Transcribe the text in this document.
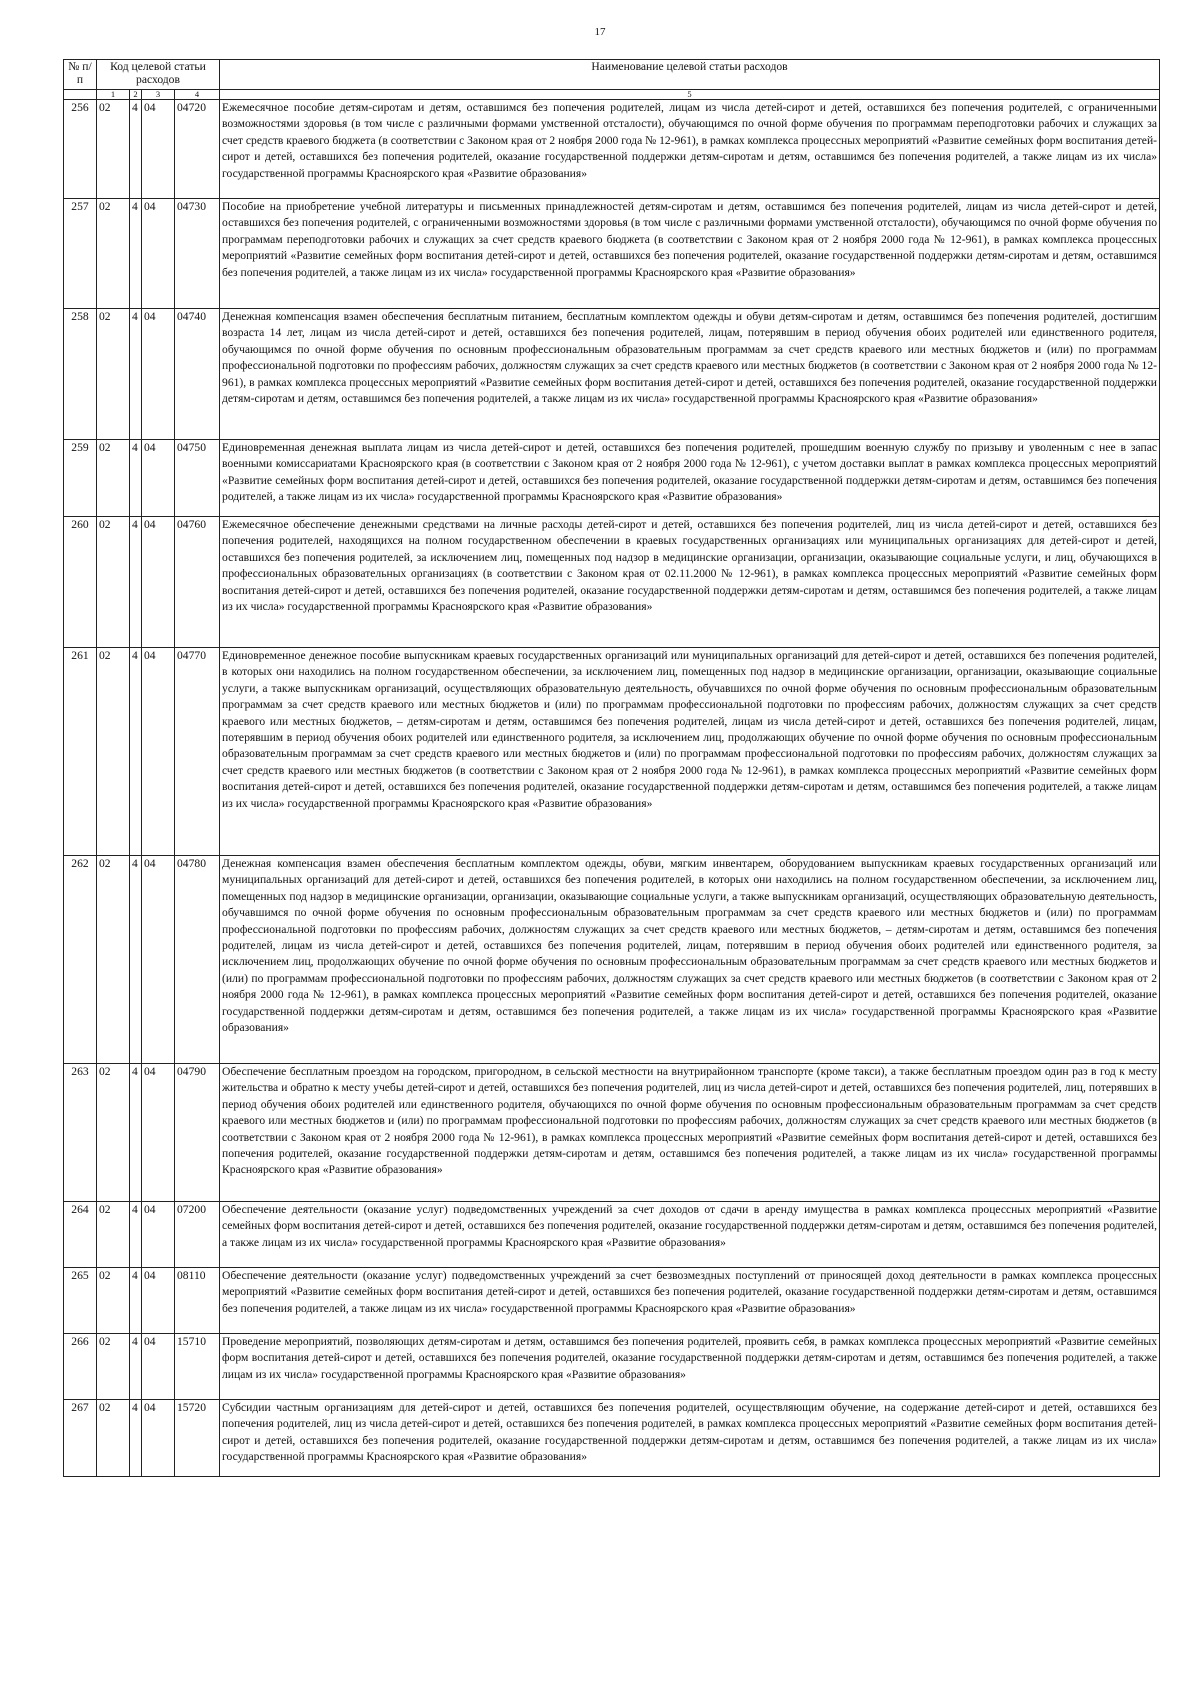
17
№ п/п	Код целевой статьи расходов				Наименование целевой статьи расходов
	1	2	3	4	5
256	02	4	04	04720	Ежемесячное пособие детям-сиротам и детям, оставшимся без попечения родителей, лицам из числа детей-сирот и детей, оставшихся без попечения родителей, с ограниченными возможностями здоровья (в том числе с различными формами умственной отсталости), обучающимся по очной форме обучения по программам переподготовки рабочих и служащих за счет средств краевого бюджета (в соответствии с Законом края от 2 ноября 2000 года № 12-961), в рамках комплекса процессных мероприятий «Развитие семейных форм воспитания детей-сирот и детей, оставшихся без попечения родителей, оказание государственной поддержки детям-сиротам и детям, оставшимся без попечения родителей, а также лицам из их числа» государственной программы Красноярского края «Развитие образования»
257	02	4	04	04730	Пособие на приобретение учебной литературы и письменных принадлежностей детям-сиротам и детям, оставшимся без попечения родителей, лицам из числа детей-сирот и детей, оставшихся без попечения родителей, с ограниченными возможностями здоровья (в том числе с различными формами умственной отсталости), обучающимся по очной форме обучения по программам переподготовки рабочих и служащих за счет средств краевого бюджета (в соответствии с Законом края от 2 ноября 2000 года № 12-961), в рамках комплекса процессных мероприятий «Развитие семейных форм воспитания детей-сирот и детей, оставшихся без попечения родителей, оказание государственной поддержки детям-сиротам и детям, оставшимся без попечения родителей, а также лицам из их числа» государственной программы Красноярского края «Развитие образования»
258	02	4	04	04740	Денежная компенсация взамен обеспечения бесплатным питанием, бесплатным комплектом одежды и обуви детям-сиротам и детям, оставшимся без попечения родителей, достигшим возраста 14 лет, лицам из числа детей-сирот и детей, оставшихся без попечения родителей, лицам, потерявшим в период обучения обоих родителей или единственного родителя, обучающимся по очной форме обучения по основным профессиональным образовательным программам за счет средств краевого или местных бюджетов и (или) по программам профессиональной подготовки по профессиям рабочих, должностям служащих за счет средств краевого или местных бюджетов (в соответствии с Законом края от 2 ноября 2000 года № 12-961), в рамках комплекса процессных мероприятий «Развитие семейных форм воспитания детей-сирот и детей, оставшихся без попечения родителей, оказание государственной поддержки детям-сиротам и детям, оставшимся без попечения родителей, а также лицам из их числа» государственной программы Красноярского края «Развитие образования»
259	02	4	04	04750	Единовременная денежная выплата лицам из числа детей-сирот и детей, оставшихся без попечения родителей, прошедшим военную службу по призыву и уволенным с нее в запас военными комиссариатами Красноярского края (в соответствии с Законом края от 2 ноября 2000 года № 12-961), с учетом доставки выплат в рамках комплекса процессных мероприятий «Развитие семейных форм воспитания детей-сирот и детей, оставшихся без попечения родителей, оказание государственной поддержки детям-сиротам и детям, оставшимся без попечения родителей, а также лицам из их числа» государственной программы Красноярского края «Развитие образования»
260	02	4	04	04760	Ежемесячное обеспечение денежными средствами на личные расходы детей-сирот и детей, оставшихся без попечения родителей, лиц из числа детей-сирот и детей, оставшихся без попечения родителей, находящихся на полном государственном обеспечении в краевых государственных организациях или муниципальных организациях для детей-сирот и детей, оставшихся без попечения родителей, за исключением лиц, помещенных под надзор в медицинские организации, организации, оказывающие социальные услуги, и лиц, обучающихся в профессиональных образовательных организациях (в соответствии с Законом края от 02.11.2000 № 12-961), в рамках комплекса процессных мероприятий «Развитие семейных форм воспитания детей-сирот и детей, оставшихся без попечения родителей, оказание государственной поддержки детям-сиротам и детям, оставшимся без попечения родителей, а также лицам из их числа» государственной программы Красноярского края «Развитие образования»
261	02	4	04	04770	Единовременное денежное пособие выпускникам краевых государственных организаций или муниципальных организаций для детей-сирот и детей, оставшихся без попечения родителей, в которых они находились на полном государственном обеспечении, за исключением лиц, помещенных под надзор в медицинские организации, организации, оказывающие социальные услуги, а также выпускникам организаций, осуществляющих образовательную деятельность, обучавшихся по очной форме обучения по основным профессиональным образовательным программам за счет средств краевого или местных бюджетов и (или) по программам профессиональной подготовки по профессиям рабочих, должностям служащих за счет средств краевого или местных бюджетов, – детям-сиротам и детям, оставшимся без попечения родителей, лицам из числа детей-сирот и детей, оставшихся без попечения родителей, лицам, потерявшим в период обучения обоих родителей или единственного родителя, за исключением лиц, продолжающих обучение по очной форме обучения по основным профессиональным образовательным программам за счет средств краевого или местных бюджетов и (или) по программам профессиональной подготовки по профессиям рабочих, должностям служащих за счет средств краевого или местных бюджетов (в соответствии с Законом края от 2 ноября 2000 года № 12-961), в рамках комплекса процессных мероприятий «Развитие семейных форм воспитания детей-сирот и детей, оставшихся без попечения родителей, оказание государственной поддержки детям-сиротам и детям, оставшимся без попечения родителей, а также лицам из их числа» государственной программы Красноярского края «Развитие образования»
262	02	4	04	04780	Денежная компенсация взамен обеспечения бесплатным комплектом одежды, обуви, мягким инвентарем, оборудованием выпускникам краевых государственных организаций или муниципальных организаций для детей-сирот и детей, оставшихся без попечения родителей, в которых они находились на полном государственном обеспечении, за исключением лиц, помещенных под надзор в медицинские организации, организации, оказывающие социальные услуги, а также выпускникам организаций, осуществляющих образовательную деятельность, обучавшимся по очной форме обучения по основным профессиональным образовательным программам за счет средств краевого или местных бюджетов и (или) по программам профессиональной подготовки по профессиям рабочих, должностям служащих за счет средств краевого или местных бюджетов, – детям-сиротам и детям, оставшимся без попечения родителей, лицам из числа детей-сирот и детей, оставшихся без попечения родителей, лицам, потерявшим в период обучения обоих родителей или единственного родителя, за исключением лиц, продолжающих обучение по очной форме обучения по основным профессиональным образовательным программам за счет средств краевого или местных бюджетов и (или) по программам профессиональной подготовки по профессиям рабочих, должностям служащих за счет средств краевого или местных бюджетов (в соответствии с Законом края от 2 ноября 2000 года № 12-961), в рамках комплекса процессных мероприятий «Развитие семейных форм воспитания детей-сирот и детей, оставшихся без попечения родителей, оказание государственной поддержки детям-сиротам и детям, оставшимся без попечения родителей, а также лицам из их числа» государственной программы Красноярского края «Развитие образования»
263	02	4	04	04790	Обеспечение бесплатным проездом на городском, пригородном, в сельской местности на внутрирайонном транспорте (кроме такси), а также бесплатным проездом один раз в год к месту жительства и обратно к месту учебы детей-сирот и детей, оставшихся без попечения родителей, лиц из числа детей-сирот и детей, оставшихся без попечения родителей, лиц, потерявших в период обучения обоих родителей или единственного родителя, обучающихся по очной форме обучения по основным профессиональным образовательным программам за счет средств краевого или местных бюджетов и (или) по программам профессиональной подготовки по профессиям рабочих, должностям служащих за счет средств краевого или местных бюджетов (в соответствии с Законом края от 2 ноября 2000 года № 12-961), в рамках комплекса процессных мероприятий «Развитие семейных форм воспитания детей-сирот и детей, оставшихся без попечения родителей, оказание государственной поддержки детям-сиротам и детям, оставшимся без попечения родителей, а также лицам из их числа» государственной программы Красноярского края «Развитие образования»
264	02	4	04	07200	Обеспечение деятельности (оказание услуг) подведомственных учреждений за счет доходов от сдачи в аренду имущества в рамках комплекса процессных мероприятий «Развитие семейных форм воспитания детей-сирот и детей, оставшихся без попечения родителей, оказание государственной поддержки детям-сиротам и детям, оставшимся без попечения родителей, а также лицам из их числа» государственной программы Красноярского края «Развитие образования»
265	02	4	04	08110	Обеспечение деятельности (оказание услуг) подведомственных учреждений за счет безвозмездных поступлений от приносящей доход деятельности в рамках комплекса процессных мероприятий «Развитие семейных форм воспитания детей-сирот и детей, оставшихся без попечения родителей, оказание государственной поддержки детям-сиротам и детям, оставшимся без попечения родителей, а также лицам из их числа» государственной программы Красноярского края «Развитие образования»
266	02	4	04	15710	Проведение мероприятий, позволяющих детям-сиротам и детям, оставшимся без попечения родителей, проявить себя, в рамках комплекса процессных мероприятий «Развитие семейных форм воспитания детей-сирот и детей, оставшихся без попечения родителей, оказание государственной поддержки детям-сиротам и детям, оставшимся без попечения родителей, а также лицам из их числа» государственной программы Красноярского края «Развитие образования»
267	02	4	04	15720	Субсидии частным организациям для детей-сирот и детей, оставшихся без попечения родителей, осуществляющим обучение, на содержание детей-сирот и детей, оставшихся без попечения родителей, лиц из числа детей-сирот и детей, оставшихся без попечения родителей, в рамках комплекса процессных мероприятий «Развитие семейных форм воспитания детей-сирот и детей, оставшихся без попечения родителей, оказание государственной поддержки детям-сиротам и детям, оставшимся без попечения родителей, а также лицам из их числа» государственной программы Красноярского края «Развитие образования»
